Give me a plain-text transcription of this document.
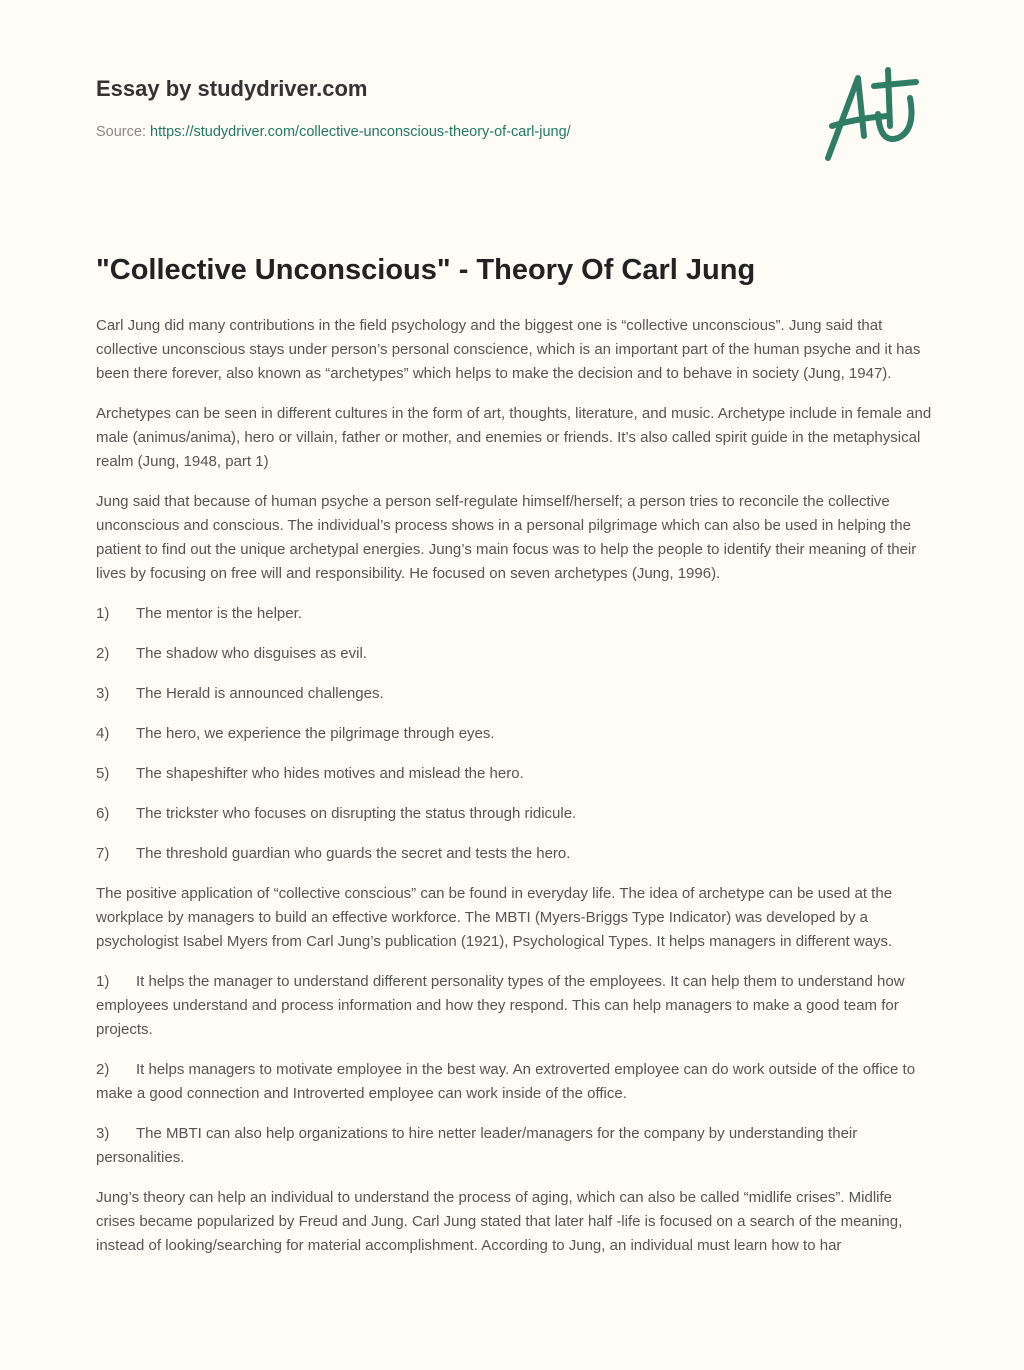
Essay by studydriver.com
Source: https://studydriver.com/collective-unconscious-theory-of-carl-jung/
"Collective Unconscious" - Theory Of Carl Jung

Carl Jung did many contributions in the field psychology and the biggest one is “collective unconscious”. Jung said that collective unconscious stays under person’s personal conscience, which is an important part of the human psyche and it has been there forever, also known as “archetypes” which helps to make the decision and to behave in society (Jung, 1947).

Archetypes can be seen in different cultures in the form of art, thoughts, literature, and music. Archetype include in female and male (animus/anima), hero or villain, father or mother, and enemies or friends. It’s also called spirit guide in the metaphysical realm (Jung, 1948, part 1)

Jung said that because of human psyche a person self-regulate himself/herself; a person tries to reconcile the collective unconscious and conscious. The individual’s process shows in a personal pilgrimage which can also be used in helping the patient to find out the unique archetypal energies. Jung’s main focus was to help the people to identify their meaning of their lives by focusing on free will and responsibility. He focused on seven archetypes (Jung, 1996).

1) The mentor is the helper.

2) The shadow who disguises as evil.

3) The Herald is announced challenges.

4) The hero, we experience the pilgrimage through eyes.

5) The shapeshifter who hides motives and mislead the hero.

6) The trickster who focuses on disrupting the status through ridicule.

7) The threshold guardian who guards the secret and tests the hero.

The positive application of “collective conscious” can be found in everyday life. The idea of archetype can be used at the workplace by managers to build an effective workforce. The MBTI (Myers-Briggs Type Indicator) was developed by a psychologist Isabel Myers from Carl Jung’s publication (1921), Psychological Types. It helps managers in different ways.

1) It helps the manager to understand different personality types of the employees. It can help them to understand how employees understand and process information and how they respond. This can help managers to make a good team for projects.

2) It helps managers to motivate employee in the best way. An extroverted employee can do work outside of the office to make a good connection and Introverted employee can work inside of the office.

3) The MBTI can also help organizations to hire netter leader/managers for the company by understanding their personalities.

Jung’s theory can help an individual to understand the process of aging, which can also be called “midlife crises”. Midlife crises became popularized by Freud and Jung. Carl Jung stated that later half -life is focused on a search of the meaning, instead of looking/searching for material accomplishment. According to Jung, an individual must learn how to har
